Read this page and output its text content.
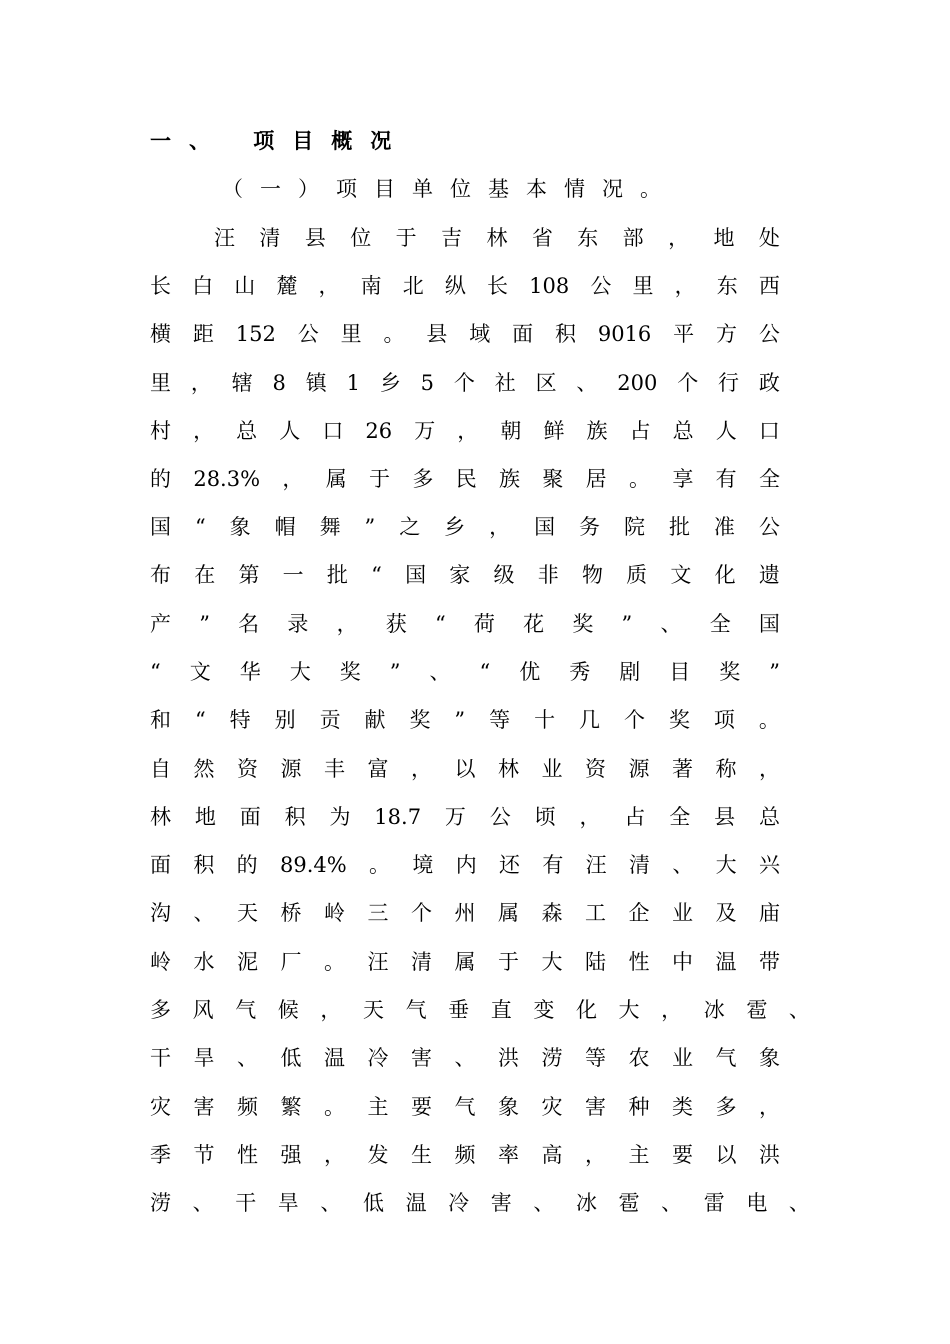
一、 项目概况
（一）项目单位基本情况。
汪 清 县 位 于 吉 林 省 东 部 ， 地 处
长 白 山 麓 ， 南 北 纵 长 108 公 里 ， 东 西
横 距 152 公 里 。 县 域 面 积 9016 平 方 公
里 ， 辖 8 镇 1 乡 5 个 社 区 、 200 个 行 政
村 ， 总 人 口 26 万 ， 朝 鲜 族 占 总 人 口
的 28.3% ， 属 于 多 民 族 聚 居 。 享 有 全
国 “ 象 帽 舞 ” 之 乡 ， 国 务 院 批 准 公
布 在 第 一 批 “ 国 家 级 非 物 质 文 化 遗
产 ” 名 录 ， 获 “ 荷 花 奖 ” 、 全 国
“ 文 华 大 奖 ” 、 “ 优 秀 剧 目 奖 ”
和 “ 特 别 贡 献 奖 ” 等 十 几 个 奖 项 。
自 然 资 源 丰 富 ， 以 林 业 资 源 著 称 ，
林 地 面 积 为 18.7 万 公 顷 ， 占 全 县 总
面 积 的 89.4% 。 境 内 还 有 汪 清 、 大 兴
沟 、 天 桥 岭 三 个 州 属 森 工 企 业 及 庙
岭 水 泥 厂 。 汪 清 属 于 大 陆 性 中 温 带
多 风 气 候 ， 天 气 垂 直 变 化 大 ， 冰 雹 、
干 旱 、 低 温 冷 害 、 洪 涝 等 农 业 气 象
灾 害 频 繁 。 主 要 气 象 灾 害 种 类 多 ，
季 节 性 强 ， 发 生 频 率 高 ， 主 要 以 洪
涝 、 干 旱 、 低 温 冷 害 、 冰 雹 、 雷 电 、
